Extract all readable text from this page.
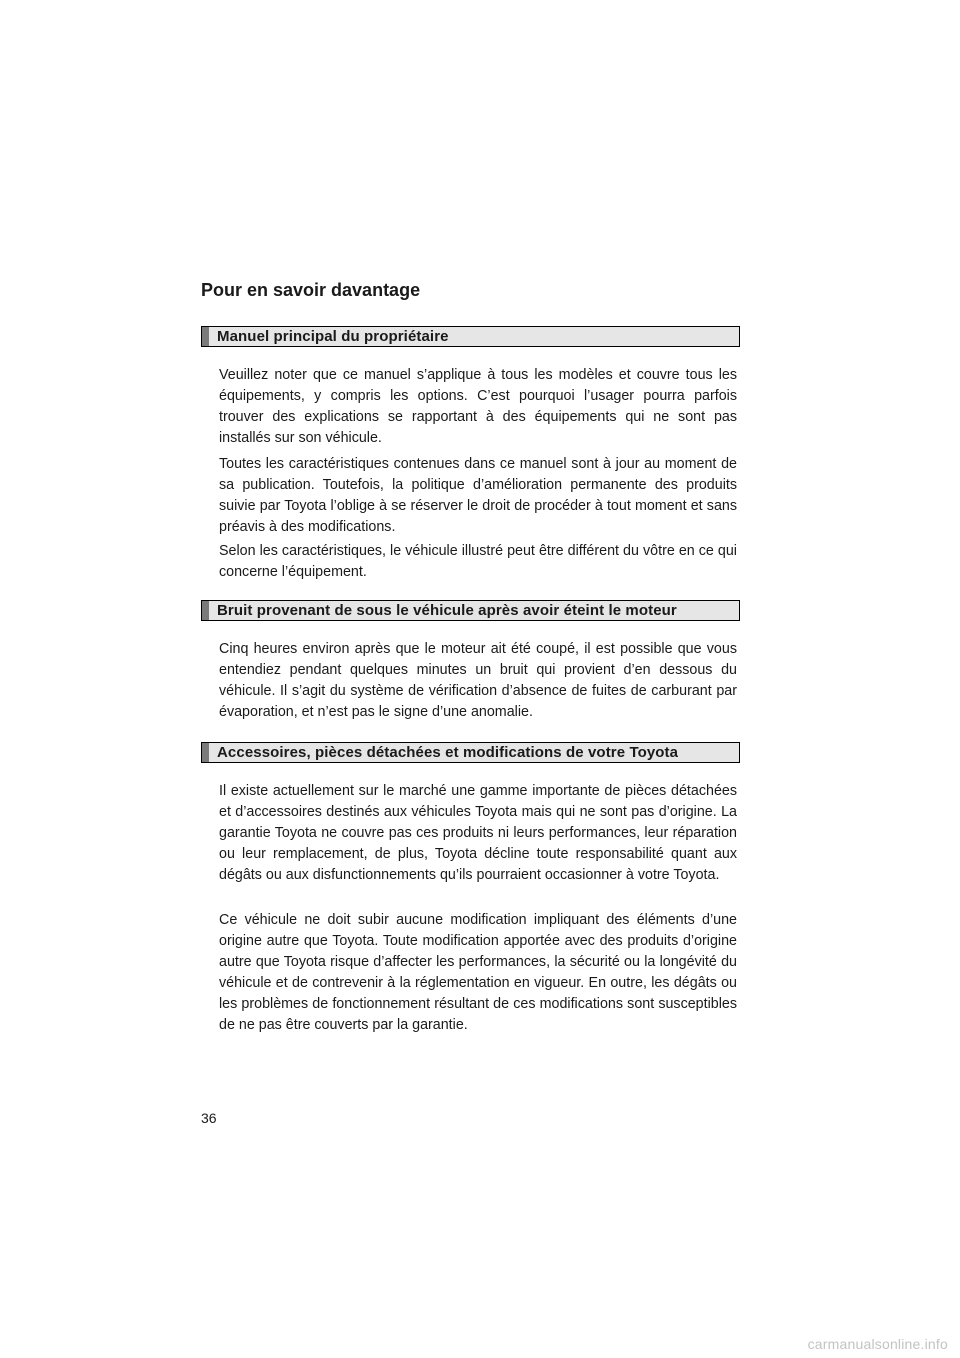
Pour en savoir davantage
Manuel principal du propriétaire

Veuillez noter que ce manuel s’applique à tous les modèles et couvre tous les équipements, y compris les options. C’est pourquoi l’usager pourra parfois trouver des explications se rapportant à des équipements qui ne sont pas installés sur son véhicule.

Toutes les caractéristiques contenues dans ce manuel sont à jour au moment de sa publication. Toutefois, la politique d’amélioration permanente des produits suivie par Toyota l’oblige à se réserver le droit de procéder à tout moment et sans préavis à des modifications.

Selon les caractéristiques, le véhicule illustré peut être différent du vôtre en ce qui concerne l’équipement.

Bruit provenant de sous le véhicule après avoir éteint le moteur

Cinq heures environ après que le moteur ait été coupé, il est possible que vous entendiez pendant quelques minutes un bruit qui provient d’en dessous du véhicule. Il s’agit du système de vérification d’absence de fuites de carburant par évaporation, et n’est pas le signe d’une anomalie.

Accessoires, pièces détachées et modifications de votre Toyota

Il existe actuellement sur le marché une gamme importante de pièces détachées et d’accessoires destinés aux véhicules Toyota mais qui ne sont pas d’origine. La garantie Toyota ne couvre pas ces produits ni leurs performances, leur réparation ou leur remplacement, de plus, Toyota décline toute responsabilité quant aux dégâts ou aux disfunctionnements qu’ils pourraient occasionner à votre Toyota.

Ce véhicule ne doit subir aucune modification impliquant des éléments d’une origine autre que Toyota. Toute modification apportée avec des produits d’origine autre que Toyota risque d’affecter les performances, la sécurité ou la longévité du véhicule et de contrevenir à la réglementation en vigueur. En outre, les dégâts ou les problèmes de fonctionnement résultant de ces modifications sont susceptibles de ne pas être couverts par la garantie.

36
carmanualsonline.info
